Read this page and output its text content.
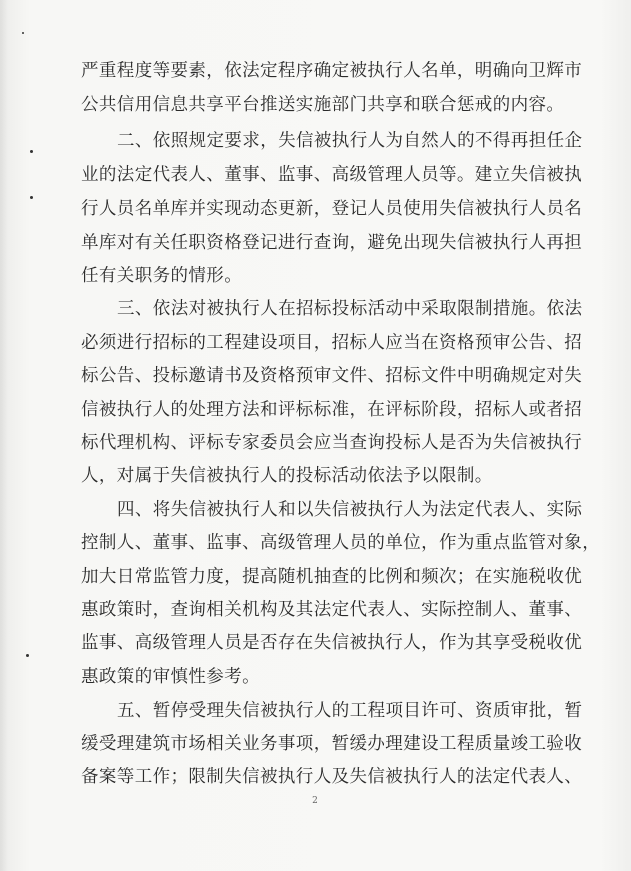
严重程度等要素，依法定程序确定被执行人名单，明确向卫辉市
公共信用信息共享平台推送实施部门共享和联合惩戒的内容。
二、依照规定要求，失信被执行人为自然人的不得再担任企
业的法定代表人、董事、监事、高级管理人员等。建立失信被执
行人员名单库并实现动态更新，登记人员使用失信被执行人员名
单库对有关任职资格登记进行查询，避免出现失信被执行人再担
任有关职务的情形。
三、依法对被执行人在招标投标活动中采取限制措施。依法
必须进行招标的工程建设项目，招标人应当在资格预审公告、招
标公告、投标邀请书及资格预审文件、招标文件中明确规定对失
信被执行人的处理方法和评标标准，在评标阶段，招标人或者招
标代理机构、评标专家委员会应当查询投标人是否为失信被执行
人，对属于失信被执行人的投标活动依法予以限制。
四、将失信被执行人和以失信被执行人为法定代表人、实际
控制人、董事、监事、高级管理人员的单位，作为重点监管对象，
加大日常监管力度，提高随机抽查的比例和频次；在实施税收优
惠政策时，查询相关机构及其法定代表人、实际控制人、董事、
监事、高级管理人员是否存在失信被执行人，作为其享受税收优
惠政策的审慎性参考。
五、暂停受理失信被执行人的工程项目许可、资质审批，暂
缓受理建筑市场相关业务事项，暂缓办理建设工程质量竣工验收
备案等工作；限制失信被执行人及失信被执行人的法定代表人、
2
